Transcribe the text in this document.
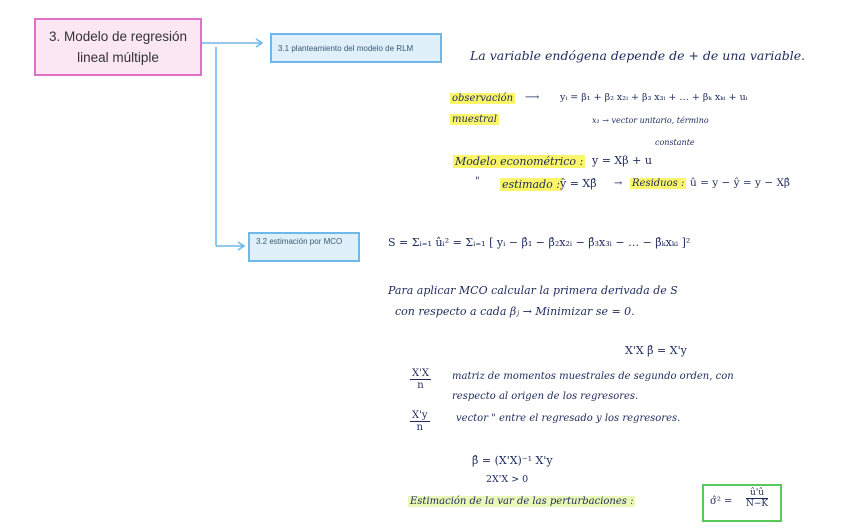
3. Modelo de regresión
lineal múltiple
3.1 planteamiento del modelo de RLM
3.2 estimación por MCO
La variable endógena depende de + de una variable.
observación ⟶ yᵢ = β₁ + β₂ x₂ᵢ + β₃ x₃ᵢ + … + βₖ xₖᵢ + uᵢ
muestral	x₁ → vector unitario, término
constante
Modelo econométrico : y = Xβ + u
" estimado : ŷ = Xβ̂ → Residuos : û = y − ŷ = y − Xβ̂
S = Σᵢ₌₁ ûᵢ² = Σᵢ₌₁ [ yᵢ − β̂₁ − β̂₂x₂ᵢ − β̂₃x₃ᵢ − … − β̂ₖxₖᵢ ]²
Para aplicar MCO calcular la primera derivada de S
con respecto a cada βⱼ → Minimizar se = 0.
X'X β̂ = X'y
$\frac{X'X}{n}$ matriz de momentos muestrales de segundo orden, con
respecto al origen de los regresores.
$\frac{X'y}{n}$	vector " entre el regresado y los regresores.
β̂ = (X'X)⁻¹ X'y
2X'X > 0
Estimación de la var de las perturbaciones :	σ̂² = $\frac{û'û}{N-K}$
